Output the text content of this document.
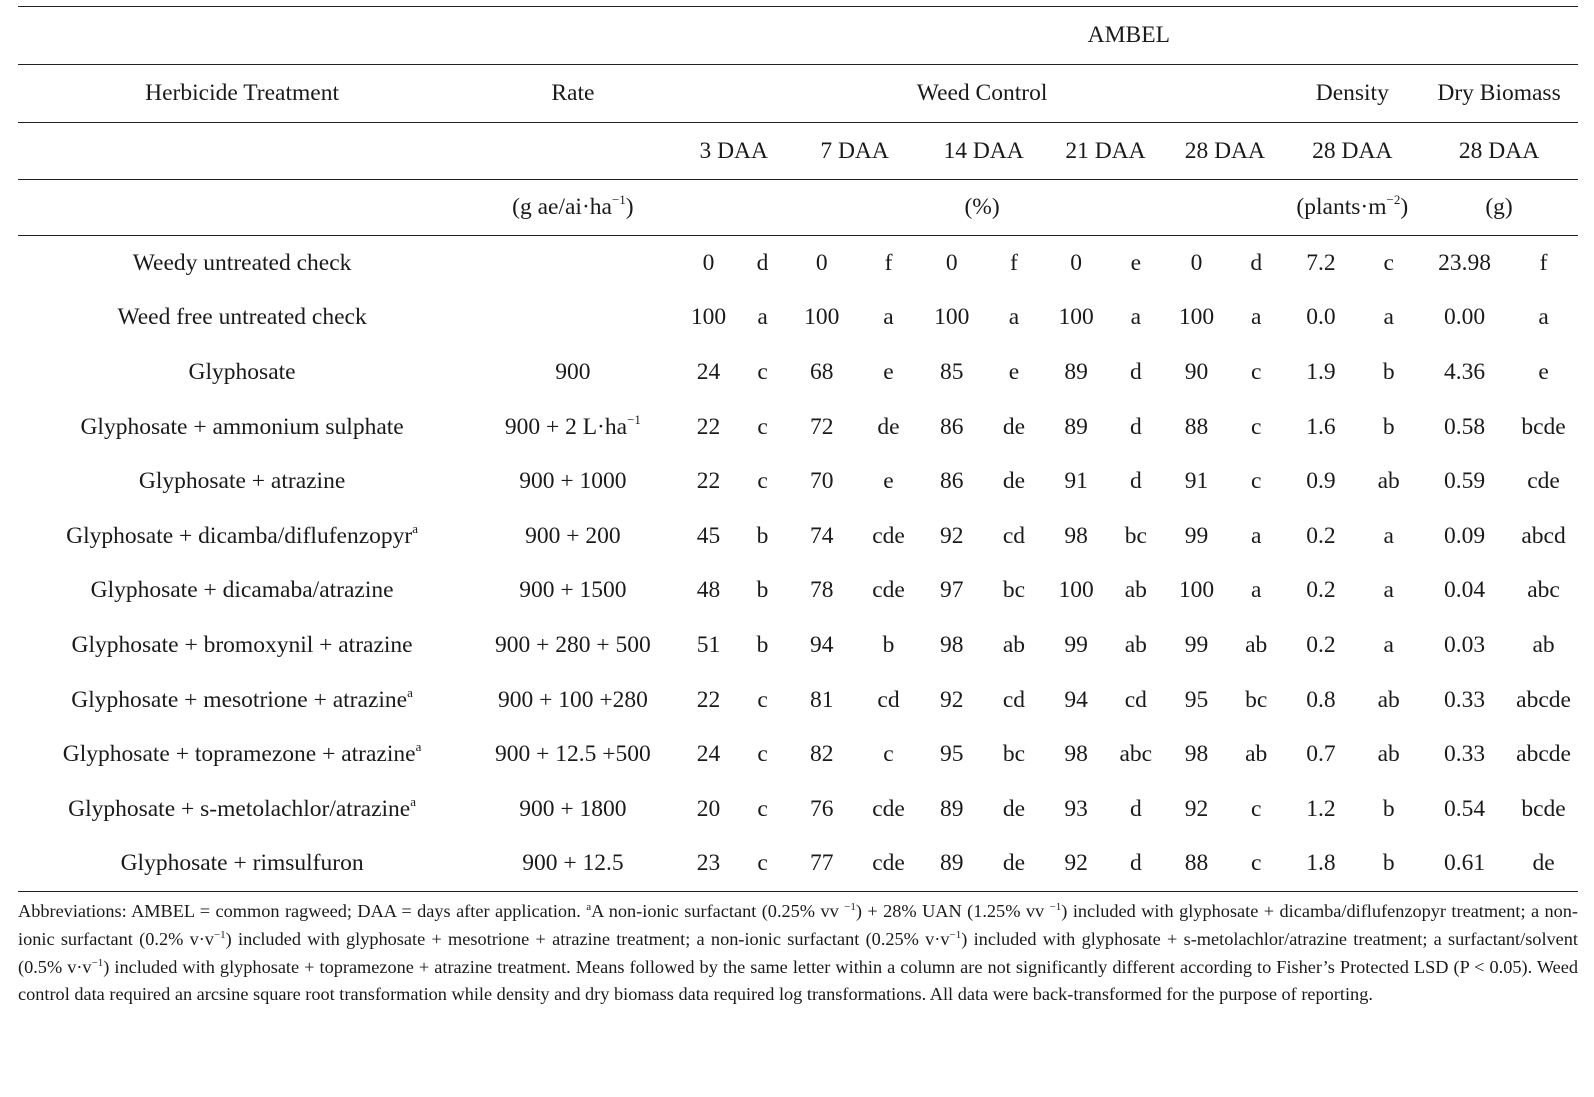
		AMBEL													
Herbicide Treatment	Rate	Weed Control										Density		Dry Biomass	
		3 DAA		7 DAA		14 DAA		21 DAA		28 DAA		28 DAA		28 DAA	
	(g $ae/ai\cdot ha^{-1}$)	(%)										$(plants\cdot m^{-2})$		(g)	
Weedy untreated check		0	d	0	f	0	f	0	e	0	d	7.2	c	23.98	f
Weed free untreated check		100	a	100	a	100	a	100	a	100	a	0.0	a	0.00	a
Glyphosate	900	24	c	68	e	85	e	89	d	90	c	1.9	b	4.36	e
Glyphosate + ammonium sulphate	900 + 2 $L\cdot ha^{-1}$	22	c	72	de	86	de	89	d	88	c	1.6	b	0.58	bcde
Glyphosate + atrazine	900 + 1000	22	c	70	e	86	de	91	d	91	c	0.9	ab	0.59	cde
Glyphosate + dicamba/diflufenzopyr$^a$	900 + 200	45	b	74	cde	92	cd	98	bc	99	a	0.2	a	0.09	abcd
Glyphosate + dicamaba/atrazine	900 + 1500	48	b	78	cde	97	bc	100	ab	100	a	0.2	a	0.04	abc
Glyphosate + bromoxynil + atrazine	900 + 280 + 500	51	b	94	b	98	ab	99	ab	99	ab	0.2	a	0.03	ab
Glyphosate + mesotrione + atrazine$^a$	900 + 100 +280	22	c	81	cd	92	cd	94	cd	95	bc	0.8	ab	0.33	abcde
Glyphosate + topramezone + atrazine$^a$	900 + 12.5 +500	24	c	82	c	95	bc	98	abc	98	ab	0.7	ab	0.33	abcde
Glyphosate + s-metolachlor/atrazine$^a$	900 + 1800	20	c	76	cde	89	de	93	d	92	c	1.2	b	0.54	bcde
Glyphosate + rimsulfuron	900 + 12.5	23	c	77	cde	89	de	92	d	88	c	1.8	b	0.61	de
Abbreviations: AMBEL = common ragweed; DAA = days after application. $^a$A non-ionic surfactant (0.25% vv $^{-1}$) + 28% UAN (1.25% vv $^{-1}$) included with glyphosate + dicamba/diflufenzopyr treatment; a non-ionic surfactant (0.2% $v\cdot v^{-1}$) included with glyphosate + mesotrione + atrazine treatment; a non-ionic surfactant (0.25% $v\cdot v^{-1}$) included with glyphosate + s-metolachlor/atrazine treatment; a surfactant/solvent (0.5% $v\cdot v^{-1}$) included with glyphosate + topramezone + atrazine treatment. Means followed by the same letter within a column are not significantly different according to Fisher’s Protected LSD (P < 0.05). Weed control data required an arcsine square root transformation while density and dry biomass data required log transformations. All data were back-transformed for the purpose of reporting.
